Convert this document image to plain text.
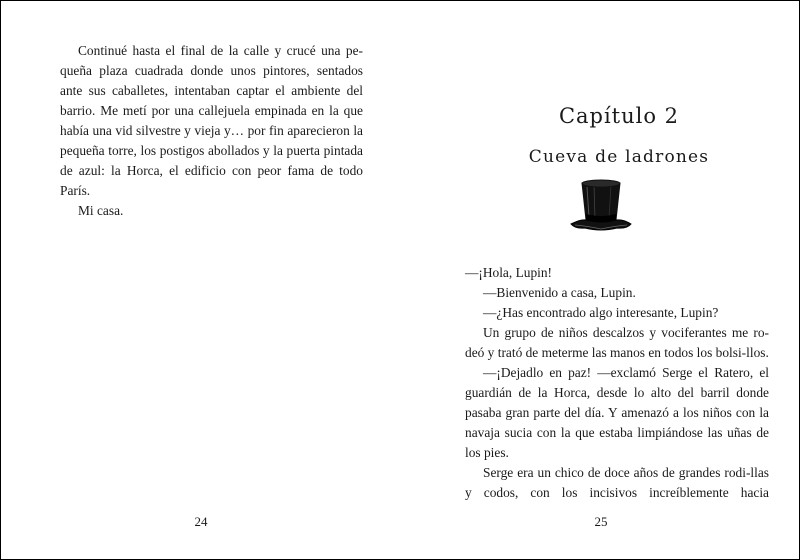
Continué hasta el final de la calle y crucé una pe-queña plaza cuadrada donde unos pintores, sentados ante sus caballetes, intentaban captar el ambiente del barrio. Me metí por una callejuela empinada en la que había una vid silvestre y vieja y… por fin aparecieron la pequeña torre, los postigos abollados y la puerta pintada de azul: la Horca, el edificio con peor fama de todo París.

Mi casa.

24
Capítulo 2
Cueva de ladrones

—¡Hola, Lupin!

—Bienvenido a casa, Lupin.

—¿Has encontrado algo interesante, Lupin?

Un grupo de niños descalzos y vociferantes me ro-deó y trató de meterme las manos en todos los bolsi-llos.

—¡Dejadlo en paz! —exclamó Serge el Ratero, el guardián de la Horca, desde lo alto del barril donde pasaba gran parte del día. Y amenazó a los niños con la navaja sucia con la que estaba limpiándose las uñas de los pies.

Serge era un chico de doce años de grandes rodi-llas y codos, con los incisivos increíblemente hacia

25
